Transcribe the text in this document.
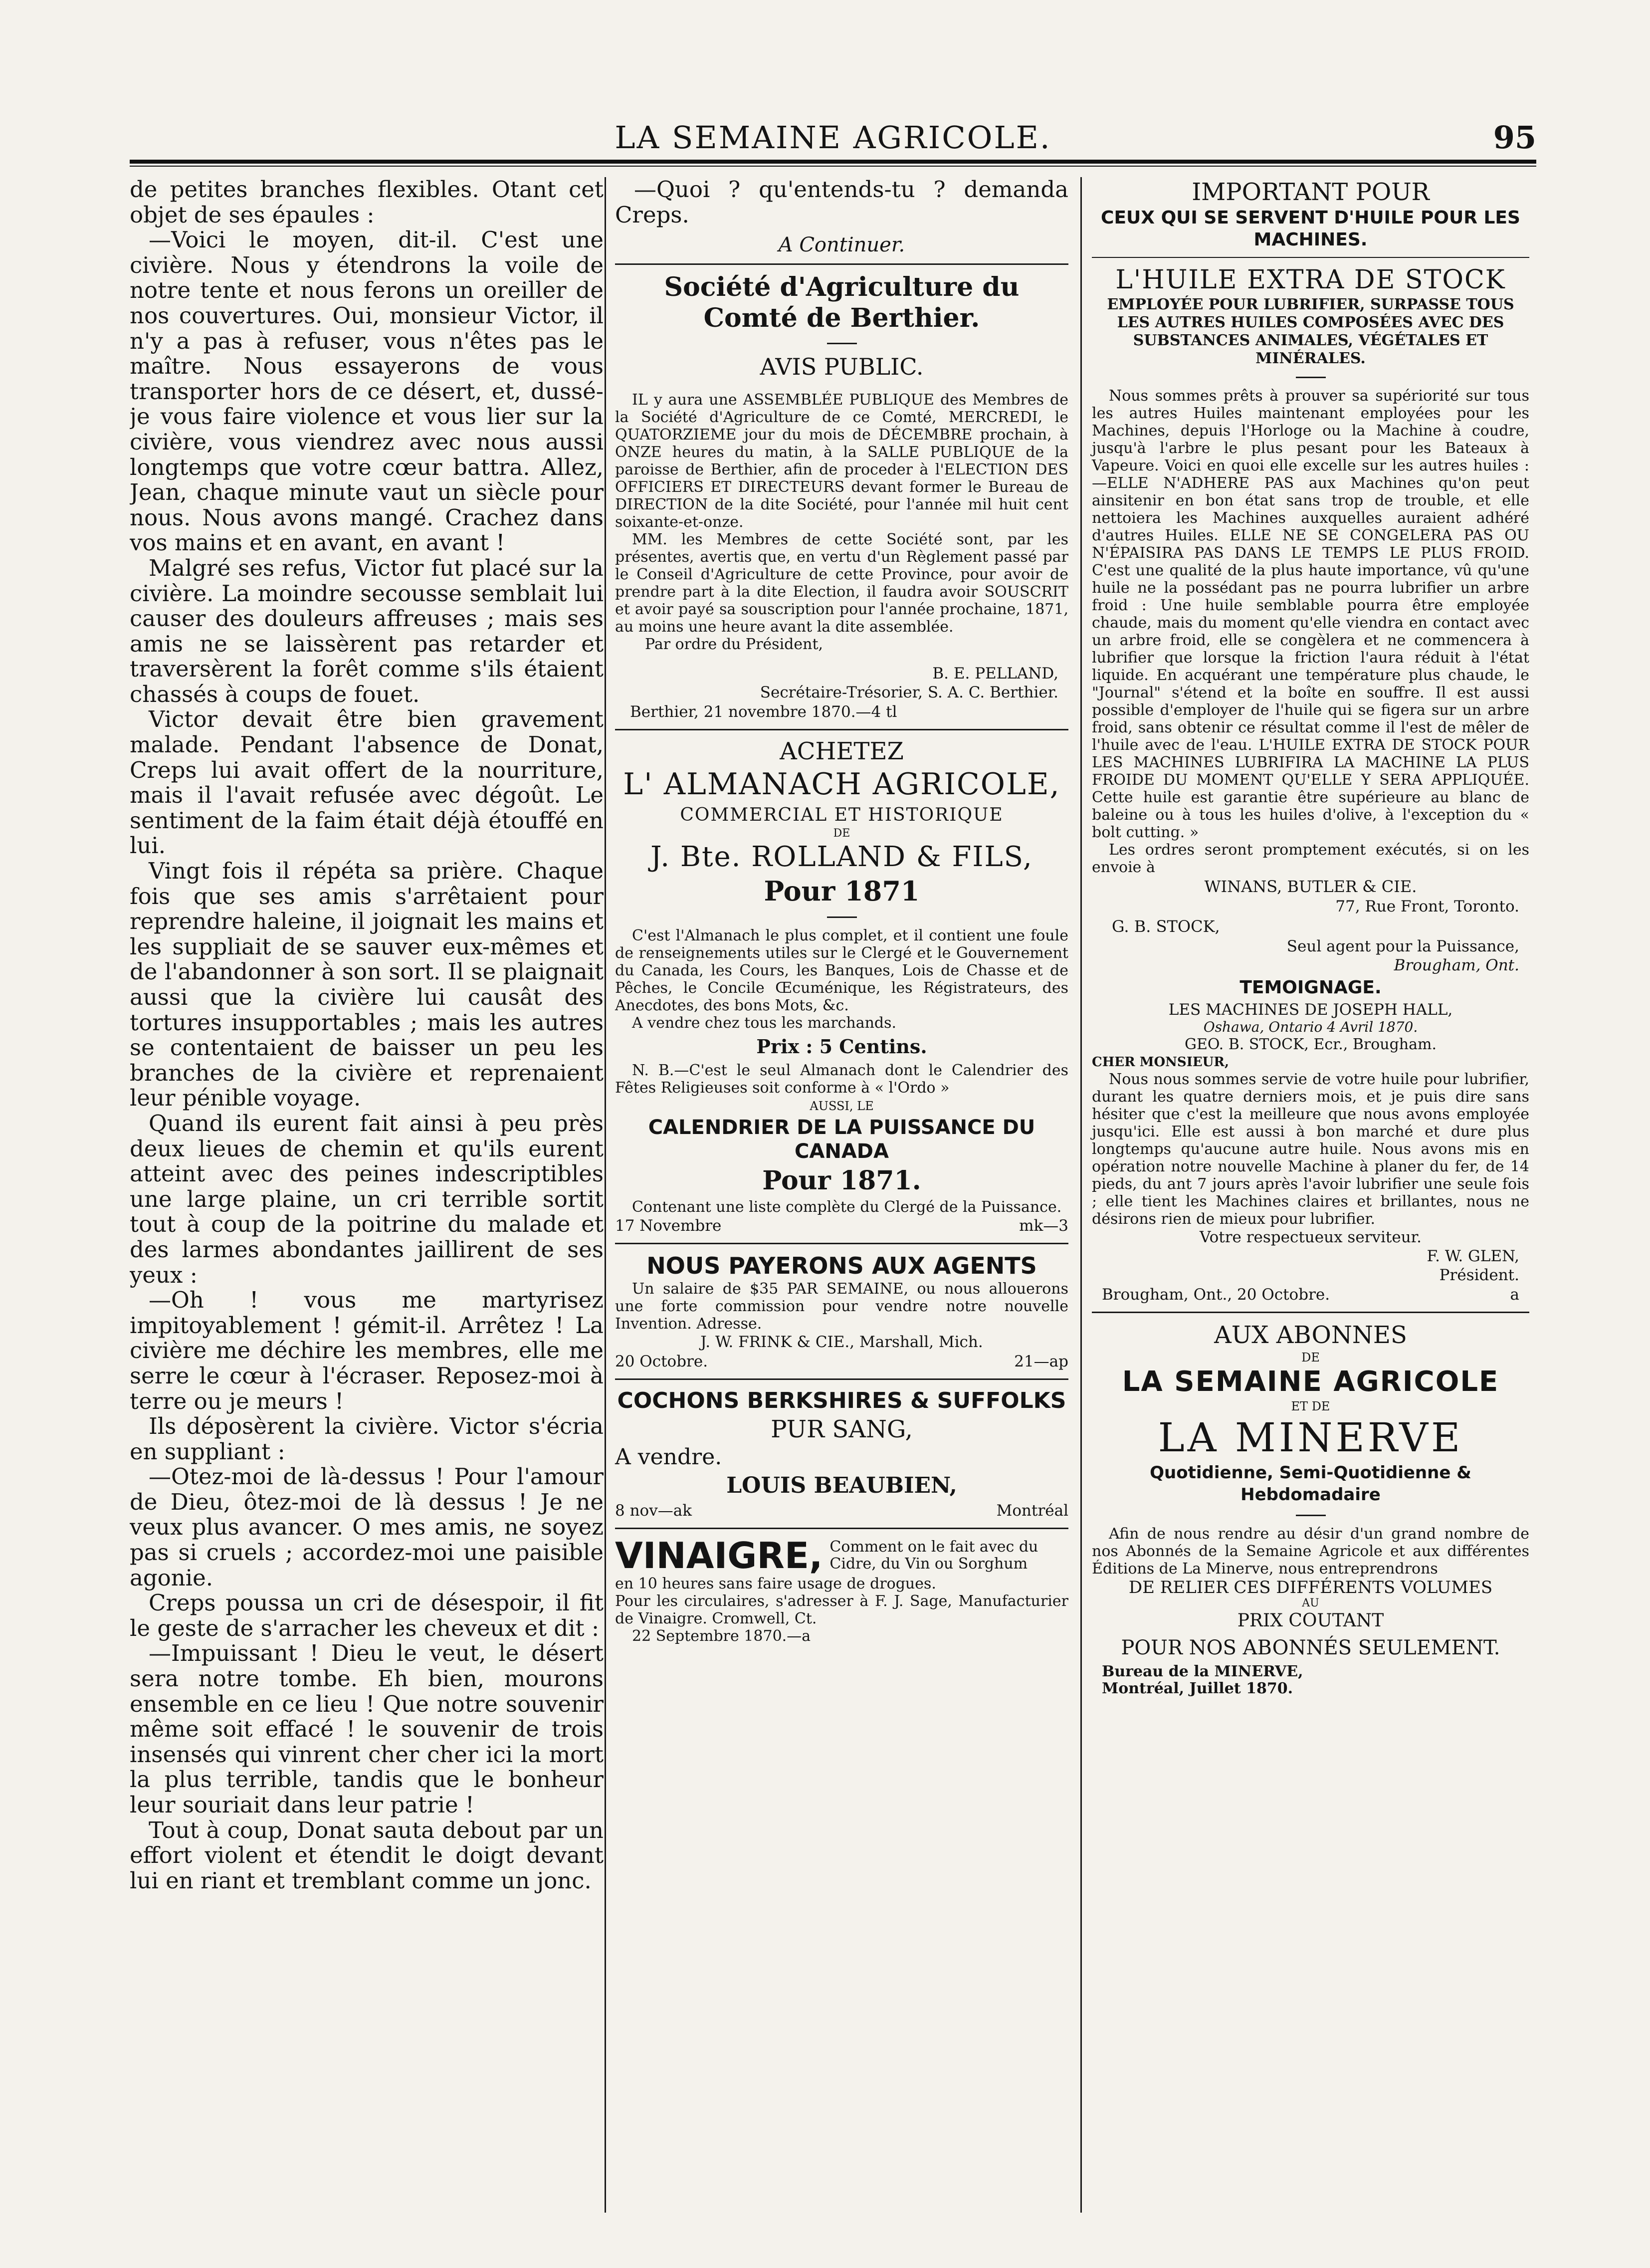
LA SEMAINE AGRICOLE.	95

de petites branches flexibles. Otant cet objet de ses épaules :

—Voici le moyen, dit-il. C'est une civière. Nous y étendrons la voile de notre tente et nous ferons un oreiller de nos couvertures. Oui, monsieur Victor, il n'y a pas à refuser, vous n'êtes pas le maître. Nous essayerons de vous transporter hors de ce désert, et, dussé-je vous faire violence et vous lier sur la civière, vous viendrez avec nous aussi longtemps que votre cœur battra. Allez, Jean, chaque minute vaut un siècle pour nous. Nous avons mangé. Crachez dans vos mains et en avant, en avant !

Malgré ses refus, Victor fut placé sur la civière. La moindre secousse semblait lui causer des douleurs affreuses ; mais ses amis ne se laissèrent pas retarder et traversèrent la forêt comme s'ils étaient chassés à coups de fouet.

Victor devait être bien gravement malade. Pendant l'absence de Donat, Creps lui avait offert de la nourriture, mais il l'avait refusée avec dégoût. Le sentiment de la faim était déjà étouffé en lui.

Vingt fois il répéta sa prière. Chaque fois que ses amis s'arrêtaient pour reprendre haleine, il joignait les mains et les suppliait de se sauver eux-mêmes et de l'abandonner à son sort. Il se plaignait aussi que la civière lui causât des tortures insupportables ; mais les autres se contentaient de baisser un peu les branches de la civière et reprenaient leur pénible voyage.

Quand ils eurent fait ainsi à peu près deux lieues de chemin et qu'ils eurent atteint avec des peines indescriptibles une large plaine, un cri terrible sortit tout à coup de la poitrine du malade et des larmes abondantes jaillirent de ses yeux :

—Oh ! vous me martyrisez impitoyablement ! gémit-il. Arrêtez ! La civière me déchire les membres, elle me serre le cœur à l'écraser. Reposez-moi à terre ou je meurs !

Ils déposèrent la civière. Victor s'écria en suppliant :

—Otez-moi de là-dessus ! Pour l'amour de Dieu, ôtez-moi de là dessus ! Je ne veux plus avancer. O mes amis, ne soyez pas si cruels ; accordez-moi une paisible agonie.

Creps poussa un cri de désespoir, il fit le geste de s'arracher les cheveux et dit :

—Impuissant ! Dieu le veut, le désert sera notre tombe. Eh bien, mourons ensemble en ce lieu ! Que notre souvenir même soit effacé ! le souvenir de trois insensés qui vinrent cher cher ici la mort la plus terrible, tandis que le bonheur leur souriait dans leur patrie !

Tout à coup, Donat sauta debout par un effort violent et étendit le doigt devant lui en riant et tremblant comme un jonc.

—Quoi ? qu'entends-tu ? demanda Creps.
A Continuer.
Société d'Agriculture du Comté de Berthier.
AVIS PUBLIC.

IL y aura une ASSEMBLÉE PUBLIQUE des Membres de la Société d'Agriculture de ce Comté, MERCREDI, le QUATORZIEME jour du mois de DÉCEMBRE prochain, à ONZE heures du matin, à la SALLE PUBLIQUE de la paroisse de Berthier, afin de proceder à l'ELECTION DES OFFICIERS ET DIRECTEURS devant former le Bureau de DIRECTION de la dite Société, pour l'année mil huit cent soixante-et-onze.

MM. les Membres de cette Société sont, par les présentes, avertis que, en vertu d'un Règlement passé par le Conseil d'Agriculture de cette Province, pour avoir de prendre part à la dite Election, il faudra avoir SOUSCRIT et avoir payé sa souscription pour l'année prochaine, 1871, au moins une heure avant la dite assemblée.

Par ordre du Président,

B. E. PELLAND,
Secrétaire-Trésorier, S. A. C. Berthier.
Berthier, 21 novembre 1870.—4 tl
ACHETEZ
L' ALMANACH AGRICOLE,
COMMERCIAL ET HISTORIQUE
DE
J. Bte. ROLLAND & FILS,
Pour 1871

C'est l'Almanach le plus complet, et il contient une foule de renseignements utiles sur le Clergé et le Gouvernement du Canada, les Cours, les Banques, Lois de Chasse et de Pêches, le Concile Œcuménique, les Régistrateurs, des Anecdotes, des bons Mots, &c.

A vendre chez tous les marchands.

Prix : 5 Centins.

N. B.—C'est le seul Almanach dont le Calendrier des Fêtes Religieuses soit conforme à « l'Ordo »

AUSSI, LE
CALENDRIER DE LA PUISSANCE DU CANADA
Pour 1871.

Contenant une liste complète du Clergé de la Puissance.

17 Novembre	mk—3
NOUS PAYERONS AUX AGENTS

Un salaire de $35 PAR SEMAINE, ou nous allouerons une forte commission pour vendre notre nouvelle Invention. Adresse.

J. W. FRINK & CIE., Marshall, Mich.
20 Octobre.	21—ap
COCHONS BERKSHIRES & SUFFOLKS
PUR SANG,
A vendre.
LOUIS BEAUBIEN,
8 nov—ak	Montréal
VINAIGRE, Comment on le fait avec du Cidre, du Vin ou Sorghum

en 10 heures sans faire usage de drogues.

Pour les circulaires, s'adresser à F. J. Sage, Manufacturier de Vinaigre. Cromwell, Ct.

22 Septembre 1870.—a

IMPORTANT POUR
CEUX QUI SE SERVENT D'HUILE POUR LES MACHINES.
L'HUILE EXTRA DE STOCK
EMPLOYÉE POUR LUBRIFIER, SURPASSE TOUS LES AUTRES HUILES COMPOSÉES AVEC DES SUBSTANCES ANIMALES, VÉGÉTALES ET MINÉRALES.

Nous sommes prêts à prouver sa supériorité sur tous les autres Huiles maintenant employées pour les Machines, depuis l'Horloge ou la Machine à coudre, jusqu'à l'arbre le plus pesant pour les Bateaux à Vapeure. Voici en quoi elle excelle sur les autres huiles : —ELLE N'ADHERE PAS aux Machines qu'on peut ainsitenir en bon état sans trop de trouble, et elle nettoiera les Machines auxquelles auraient adhéré d'autres Huiles. ELLE NE SE CONGELERA PAS OU N'ÉPAISIRA PAS DANS LE TEMPS LE PLUS FROID. C'est une qualité de la plus haute importance, vû qu'une huile ne la possédant pas ne pourra lubrifier un arbre froid : Une huile semblable pourra être employée chaude, mais du moment qu'elle viendra en contact avec un arbre froid, elle se congèlera et ne commencera à lubrifier que lorsque la friction l'aura réduit à l'état liquide. En acquérant une température plus chaude, le "Journal" s'étend et la boîte en souffre. Il est aussi possible d'employer de l'huile qui se figera sur un arbre froid, sans obtenir ce résultat comme il l'est de mêler de l'huile avec de l'eau. L'HUILE EXTRA DE STOCK POUR LES MACHINES LUBRIFIRA LA MACHINE LA PLUS FROIDE DU MOMENT QU'ELLE Y SERA APPLIQUÉE. Cette huile est garantie être supérieure au blanc de baleine ou à tous les huiles d'olive, à l'exception du « bolt cutting. »

Les ordres seront promptement exécutés, si on les envoie à

WINANS, BUTLER & CIE.
77, Rue Front, Toronto.
G. B. STOCK,
Seul agent pour la Puissance,
Brougham, Ont.
TEMOIGNAGE.
LES MACHINES DE JOSEPH HALL,
Oshawa, Ontario 4 Avril 1870.
GEO. B. STOCK, Ecr., Brougham.
CHER MONSIEUR,

Nous nous sommes servie de votre huile pour lubrifier, durant les quatre derniers mois, et je puis dire sans hésiter que c'est la meilleure que nous avons employée jusqu'ici. Elle est aussi à bon marché et dure plus longtemps qu'aucune autre huile. Nous avons mis en opération notre nouvelle Machine à planer du fer, de 14 pieds, du ant 7 jours après l'avoir lubrifier une seule fois ; elle tient les Machines claires et brillantes, nous ne désirons rien de mieux pour lubrifier.

Votre respectueux serviteur.
F. W. GLEN,
Président.
Brougham, Ont., 20 Octobre.	a
AUX ABONNES
DE
LA SEMAINE AGRICOLE
ET DE
LA MINERVE
Quotidienne, Semi-Quotidienne & Hebdomadaire

Afin de nous rendre au désir d'un grand nombre de nos Abonnés de la Semaine Agricole et aux différentes Éditions de La Minerve, nous entreprendrons

DE RELIER CES DIFFÉRENTS VOLUMES
AU
PRIX COUTANT
POUR NOS ABONNÉS SEULEMENT.
Bureau de la MINERVE,
Montréal, Juillet 1870.
